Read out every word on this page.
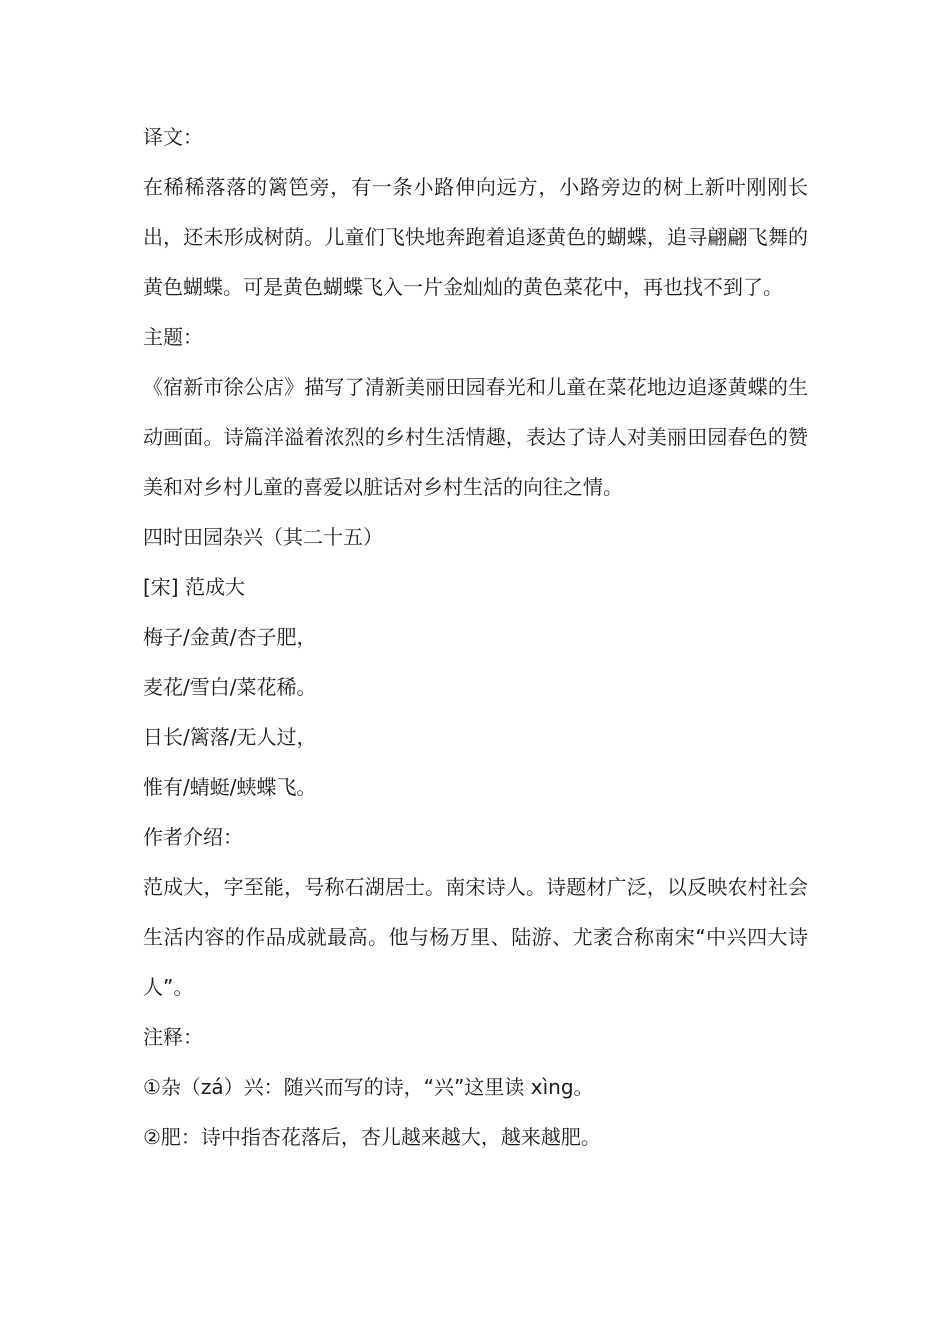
译文：
在稀稀落落的篱笆旁，有一条小路伸向远方，小路旁边的树上新叶刚刚长出，还未形成树荫。儿童们飞快地奔跑着追逐黄色的蝴蝶，追寻翩翩飞舞的黄色蝴蝶。可是黄色蝴蝶飞入一片金灿灿的黄色菜花中，再也找不到了。
主题：
《宿新市徐公店》描写了清新美丽田园春光和儿童在菜花地边追逐黄蝶的生动画面。诗篇洋溢着浓烈的乡村生活情趣，表达了诗人对美丽田园春色的赞美和对乡村儿童的喜爱以脏话对乡村生活的向往之情。
四时田园杂兴（其二十五）
[宋] 范成大
梅子/金黄/杏子肥，
麦花/雪白/菜花稀。
日长/篱落/无人过，
惟有/蜻蜓/蛱蝶飞。
作者介绍：
范成大，字至能，号称石湖居士。南宋诗人。诗题材广泛，以反映农村社会生活内容的作品成就最高。他与杨万里、陆游、尤袤合称南宋“中兴四大诗人”。
注释：
①杂（zá）兴：随兴而写的诗，“兴”这里读 xìng。
②肥：诗中指杏花落后，杏儿越来越大，越来越肥。
